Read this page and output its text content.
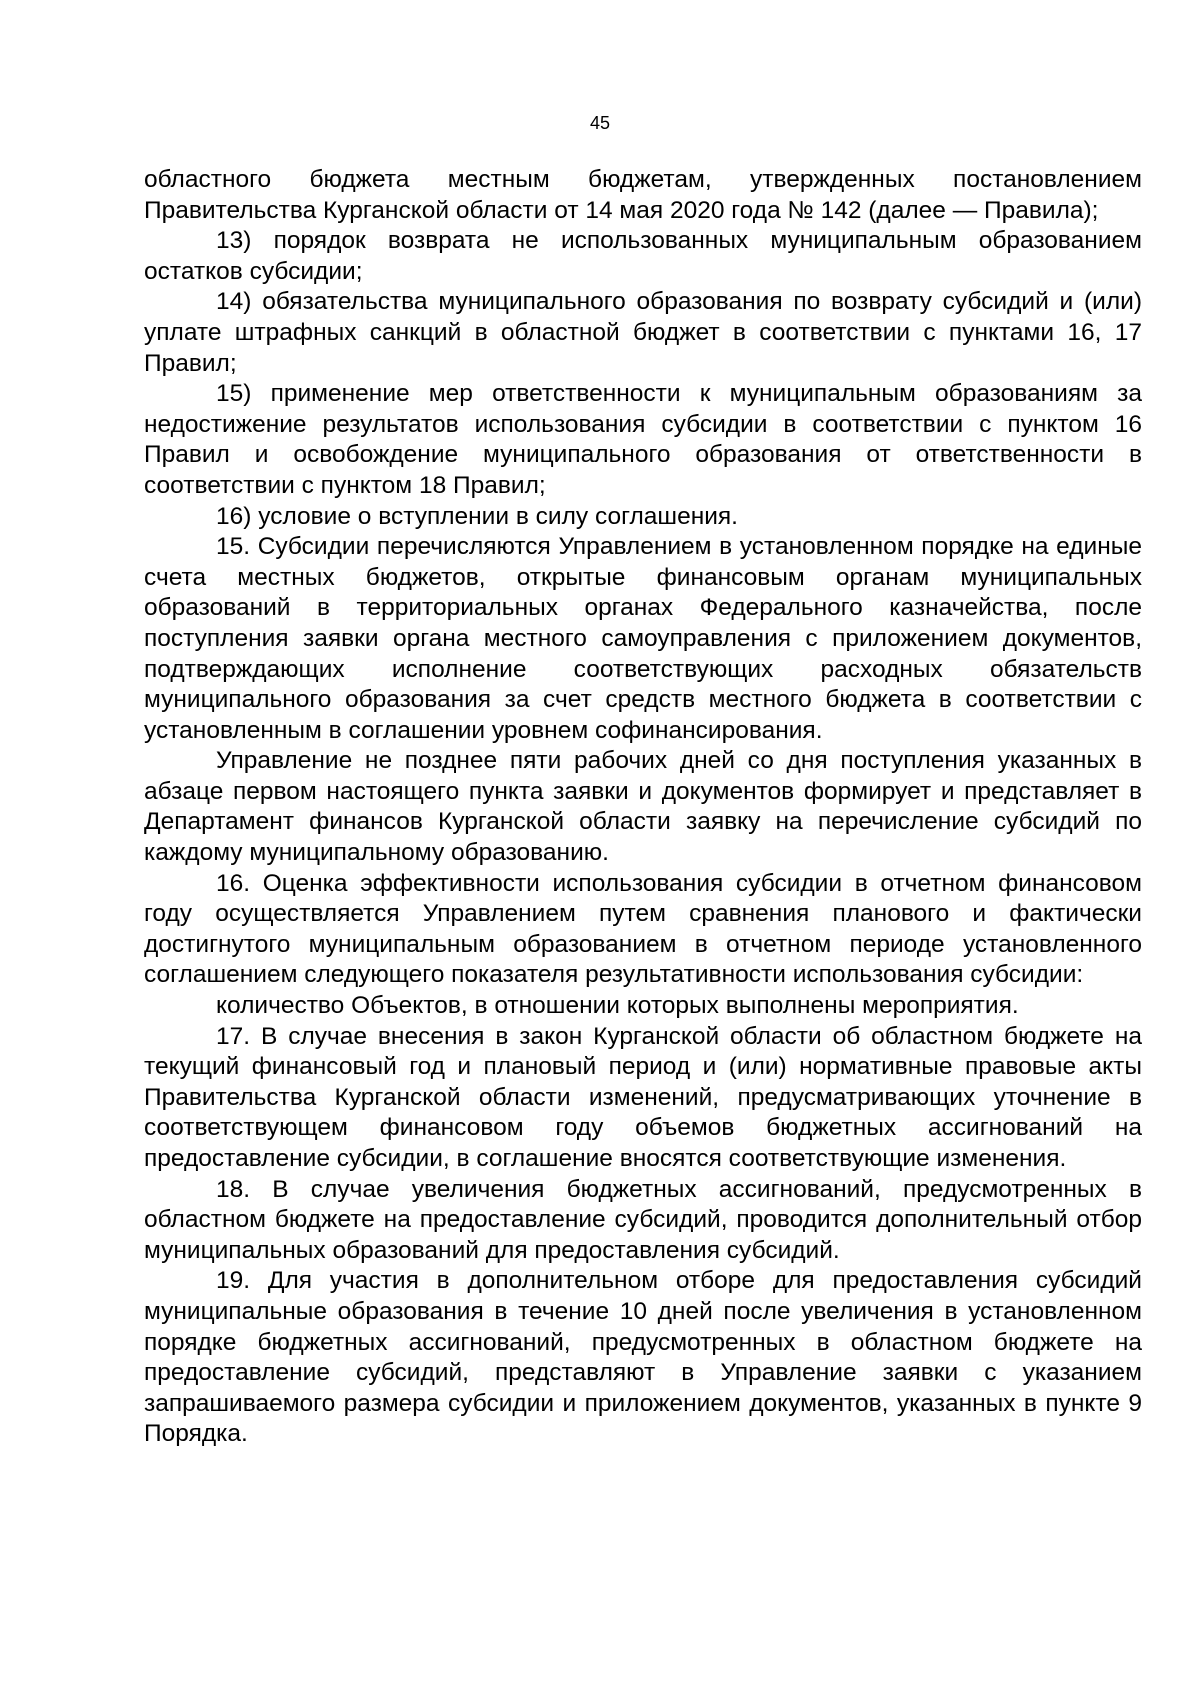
45

областного бюджета местным бюджетам, утвержденных постановлением Правительства Курганской области от 14 мая 2020 года № 142 (далее — Правила);

13) порядок возврата не использованных муниципальным образованием остатков субсидии;

14) обязательства муниципального образования по возврату субсидий и (или) уплате штрафных санкций в областной бюджет в соответствии с пунктами 16, 17 Правил;

15) применение мер ответственности к муниципальным образованиям за недостижение результатов использования субсидии в соответствии с пунктом 16 Правил и освобождение муниципального образования от ответственности в соответствии с пунктом 18 Правил;

16) условие о вступлении в силу соглашения.

15. Субсидии перечисляются Управлением в установленном порядке на единые счета местных бюджетов, открытые финансовым органам муниципальных образований в территориальных органах Федерального казначейства, после поступления заявки органа местного самоуправления с приложением документов, подтверждающих исполнение соответствующих расходных обязательств муниципального образования за счет средств местного бюджета в соответствии с установленным в соглашении уровнем софинансирования.

Управление не позднее пяти рабочих дней со дня поступления указанных в абзаце первом настоящего пункта заявки и документов формирует и представляет в Департамент финансов Курганской области заявку на перечисление субсидий по каждому муниципальному образованию.

16. Оценка эффективности использования субсидии в отчетном финансовом году осуществляется Управлением путем сравнения планового и фактически достигнутого муниципальным образованием в отчетном периоде установленного соглашением следующего показателя результативности использования субсидии:

количество Объектов, в отношении которых выполнены мероприятия.

17. В случае внесения в закон Курганской области об областном бюджете на текущий финансовый год и плановый период и (или) нормативные правовые акты Правительства Курганской области изменений, предусматривающих уточнение в соответствующем финансовом году объемов бюджетных ассигнований на предоставление субсидии, в соглашение вносятся соответствующие изменения.

18. В случае увеличения бюджетных ассигнований, предусмотренных в областном бюджете на предоставление субсидий, проводится дополнительный отбор муниципальных образований для предоставления субсидий.

19. Для участия в дополнительном отборе для предоставления субсидий муниципальные образования в течение 10 дней после увеличения в установленном порядке бюджетных ассигнований, предусмотренных в областном бюджете на предоставление субсидий, представляют в Управление заявки с указанием запрашиваемого размера субсидии и приложением документов, указанных в пункте 9 Порядка.
